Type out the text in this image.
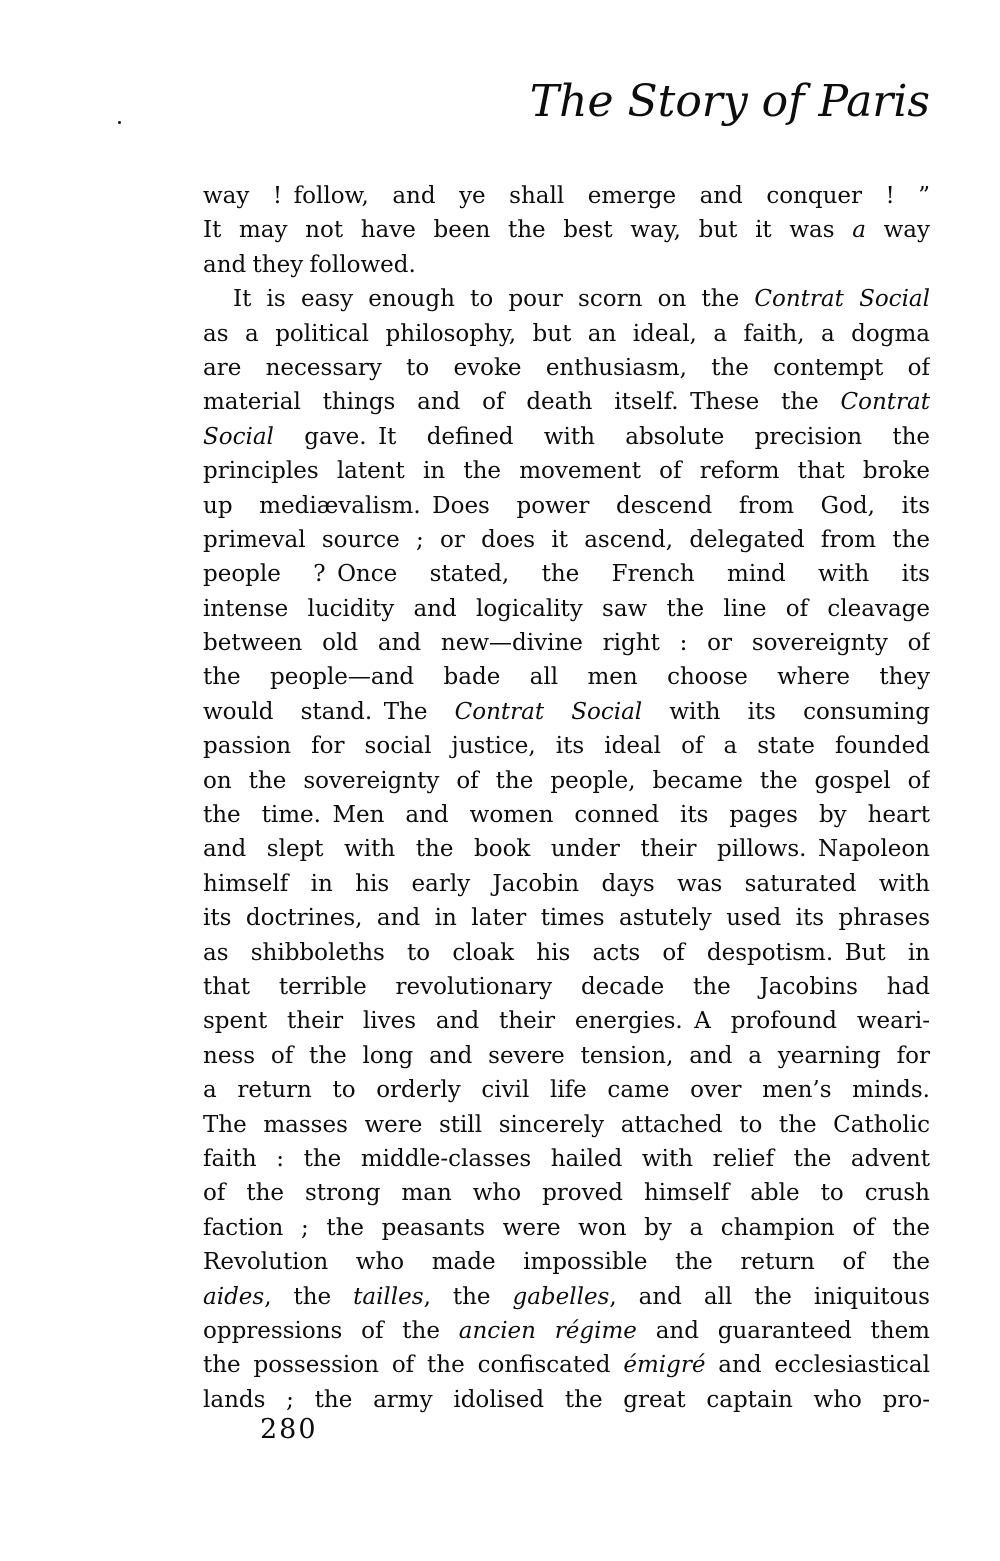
The Story of Paris
way ! follow, and ye shall emerge and conquer ! ”
It may not have been the best way, but it was a way
and they followed.
It is easy enough to pour scorn on the Contrat Social
as a political philosophy, but an ideal, a faith, a dogma
are necessary to evoke enthusiasm, the contempt of
material things and of death itself. These the Contrat
Social gave. It defined with absolute precision the
principles latent in the movement of reform that broke
up mediævalism. Does power descend from God, its
primeval source ; or does it ascend, delegated from the
people ? Once stated, the French mind with its
intense lucidity and logicality saw the line of cleavage
between old and new—divine right : or sovereignty of
the people—and bade all men choose where they
would stand. The Contrat Social with its consuming
passion for social justice, its ideal of a state founded
on the sovereignty of the people, became the gospel of
the time. Men and women conned its pages by heart
and slept with the book under their pillows. Napoleon
himself in his early Jacobin days was saturated with
its doctrines, and in later times astutely used its phrases
as shibboleths to cloak his acts of despotism. But in
that terrible revolutionary decade the Jacobins had
spent their lives and their energies. A profound weari-
ness of the long and severe tension, and a yearning for
a return to orderly civil life came over men’s minds.
The masses were still sincerely attached to the Catholic
faith : the middle-classes hailed with relief the advent
of the strong man who proved himself able to crush
faction ; the peasants were won by a champion of the
Revolution who made impossible the return of the
aides, the tailles, the gabelles, and all the iniquitous
oppressions of the ancien régime and guaranteed them
the possession of the confiscated émigré and ecclesiastical
lands ; the army idolised the great captain who pro-
280
